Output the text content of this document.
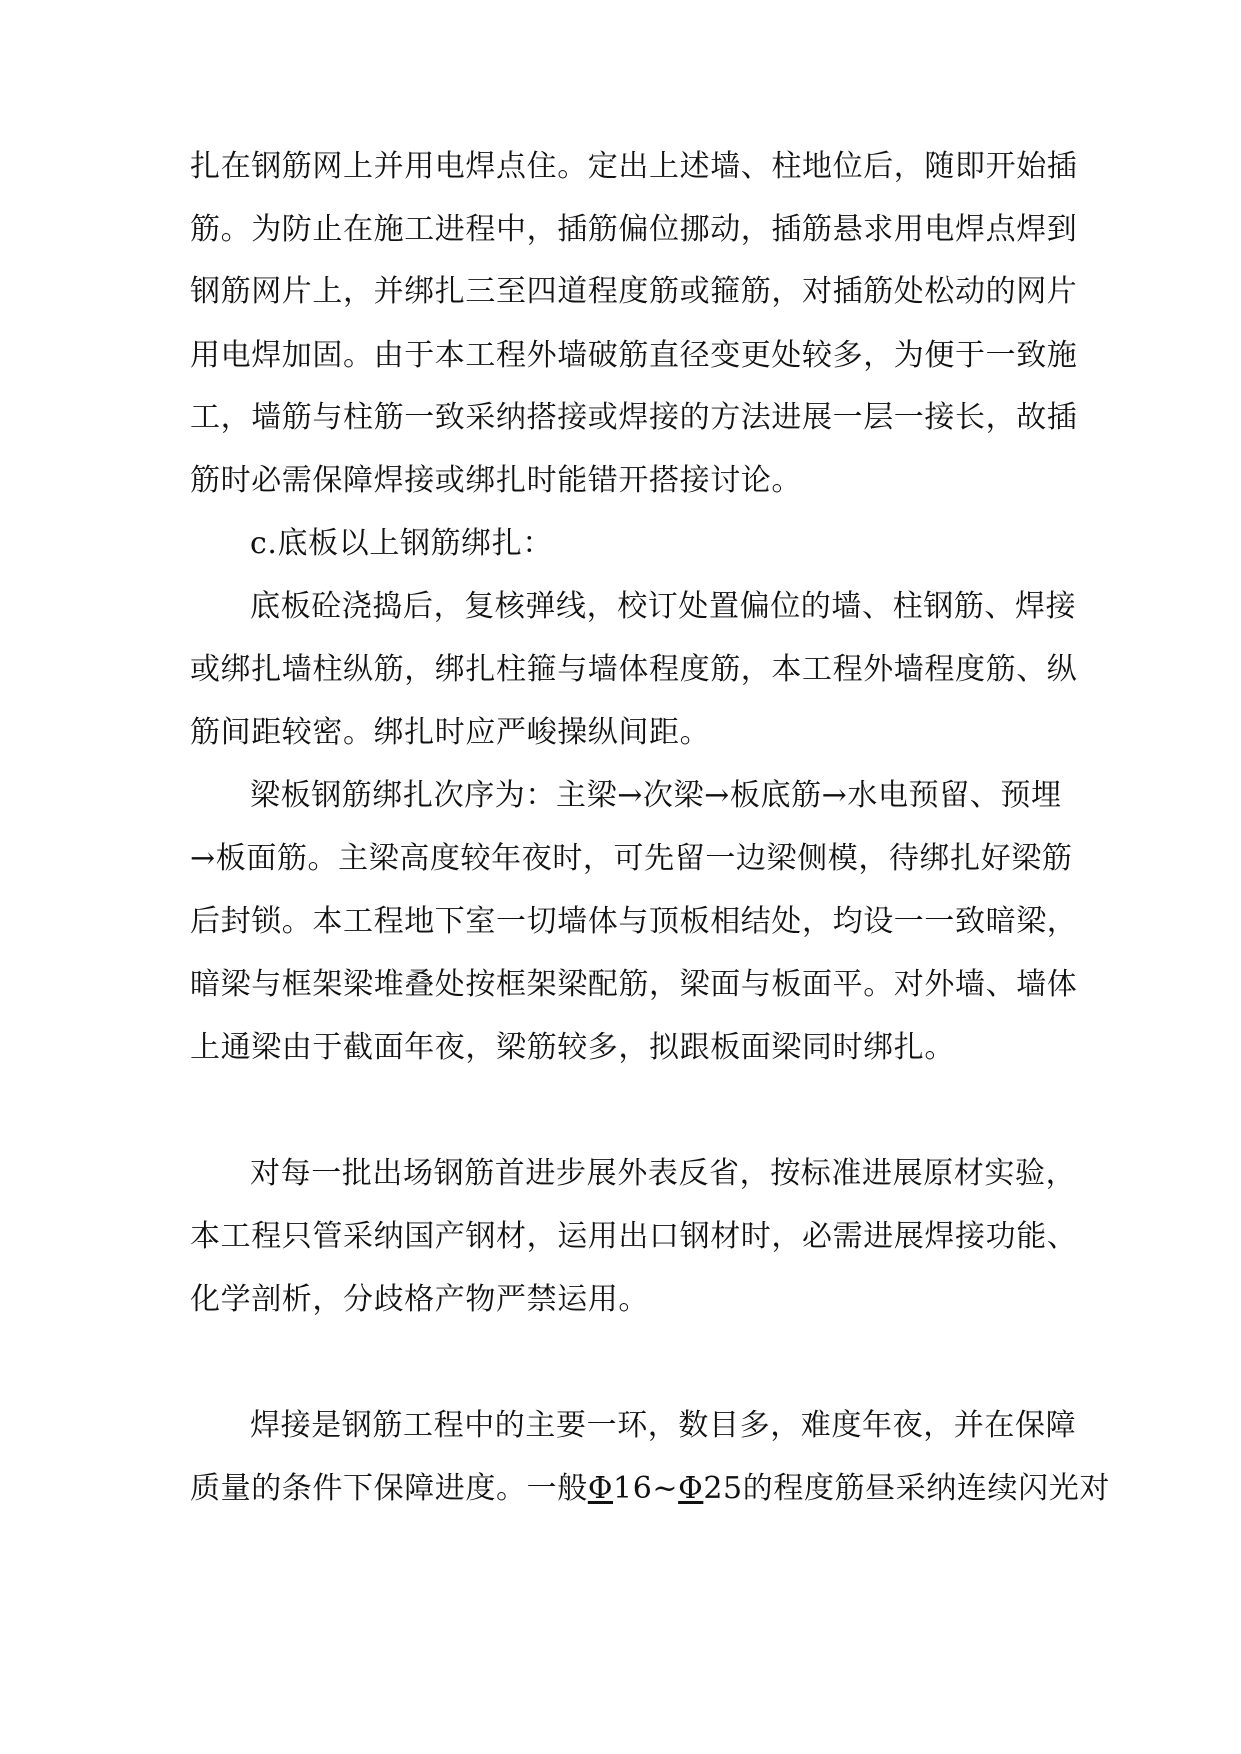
扎在钢筋网上并用电焊点住。定出上述墙、柱地位后，随即开始插
筋。为防止在施工进程中，插筋偏位挪动，插筋悬求用电焊点焊到
钢筋网片上，并绑扎三至四道程度筋或箍筋，对插筋处松动的网片
用电焊加固。由于本工程外墙破筋直径变更处较多，为便于一致施
工，墙筋与柱筋一致采纳搭接或焊接的方法进展一层一接长，故插
筋时必需保障焊接或绑扎时能错开搭接讨论。
c.底板以上钢筋绑扎：
底板砼浇捣后，复核弹线，校订处置偏位的墙、柱钢筋、焊接
或绑扎墙柱纵筋，绑扎柱箍与墙体程度筋，本工程外墙程度筋、纵
筋间距较密。绑扎时应严峻操纵间距。
梁板钢筋绑扎次序为：主梁→次梁→板底筋→水电预留、预埋
→板面筋。主梁高度较年夜时，可先留一边梁侧模，待绑扎好梁筋
后封锁。本工程地下室一切墙体与顶板相结处，均设一一致暗梁，
暗梁与框架梁堆叠处按框架梁配筋，梁面与板面平。对外墙、墙体
上通梁由于截面年夜，梁筋较多，拟跟板面梁同时绑扎。
对每一批出场钢筋首进步展外表反省，按标准进展原材实验，
本工程只管采纳国产钢材，运用出口钢材时，必需进展焊接功能、
化学剖析，分歧格产物严禁运用。
焊接是钢筋工程中的主要一环，数目多，难度年夜，并在保障
质量的条件下保障进度。一般Φ16~Φ25的程度筋昼采纳连续闪光对
